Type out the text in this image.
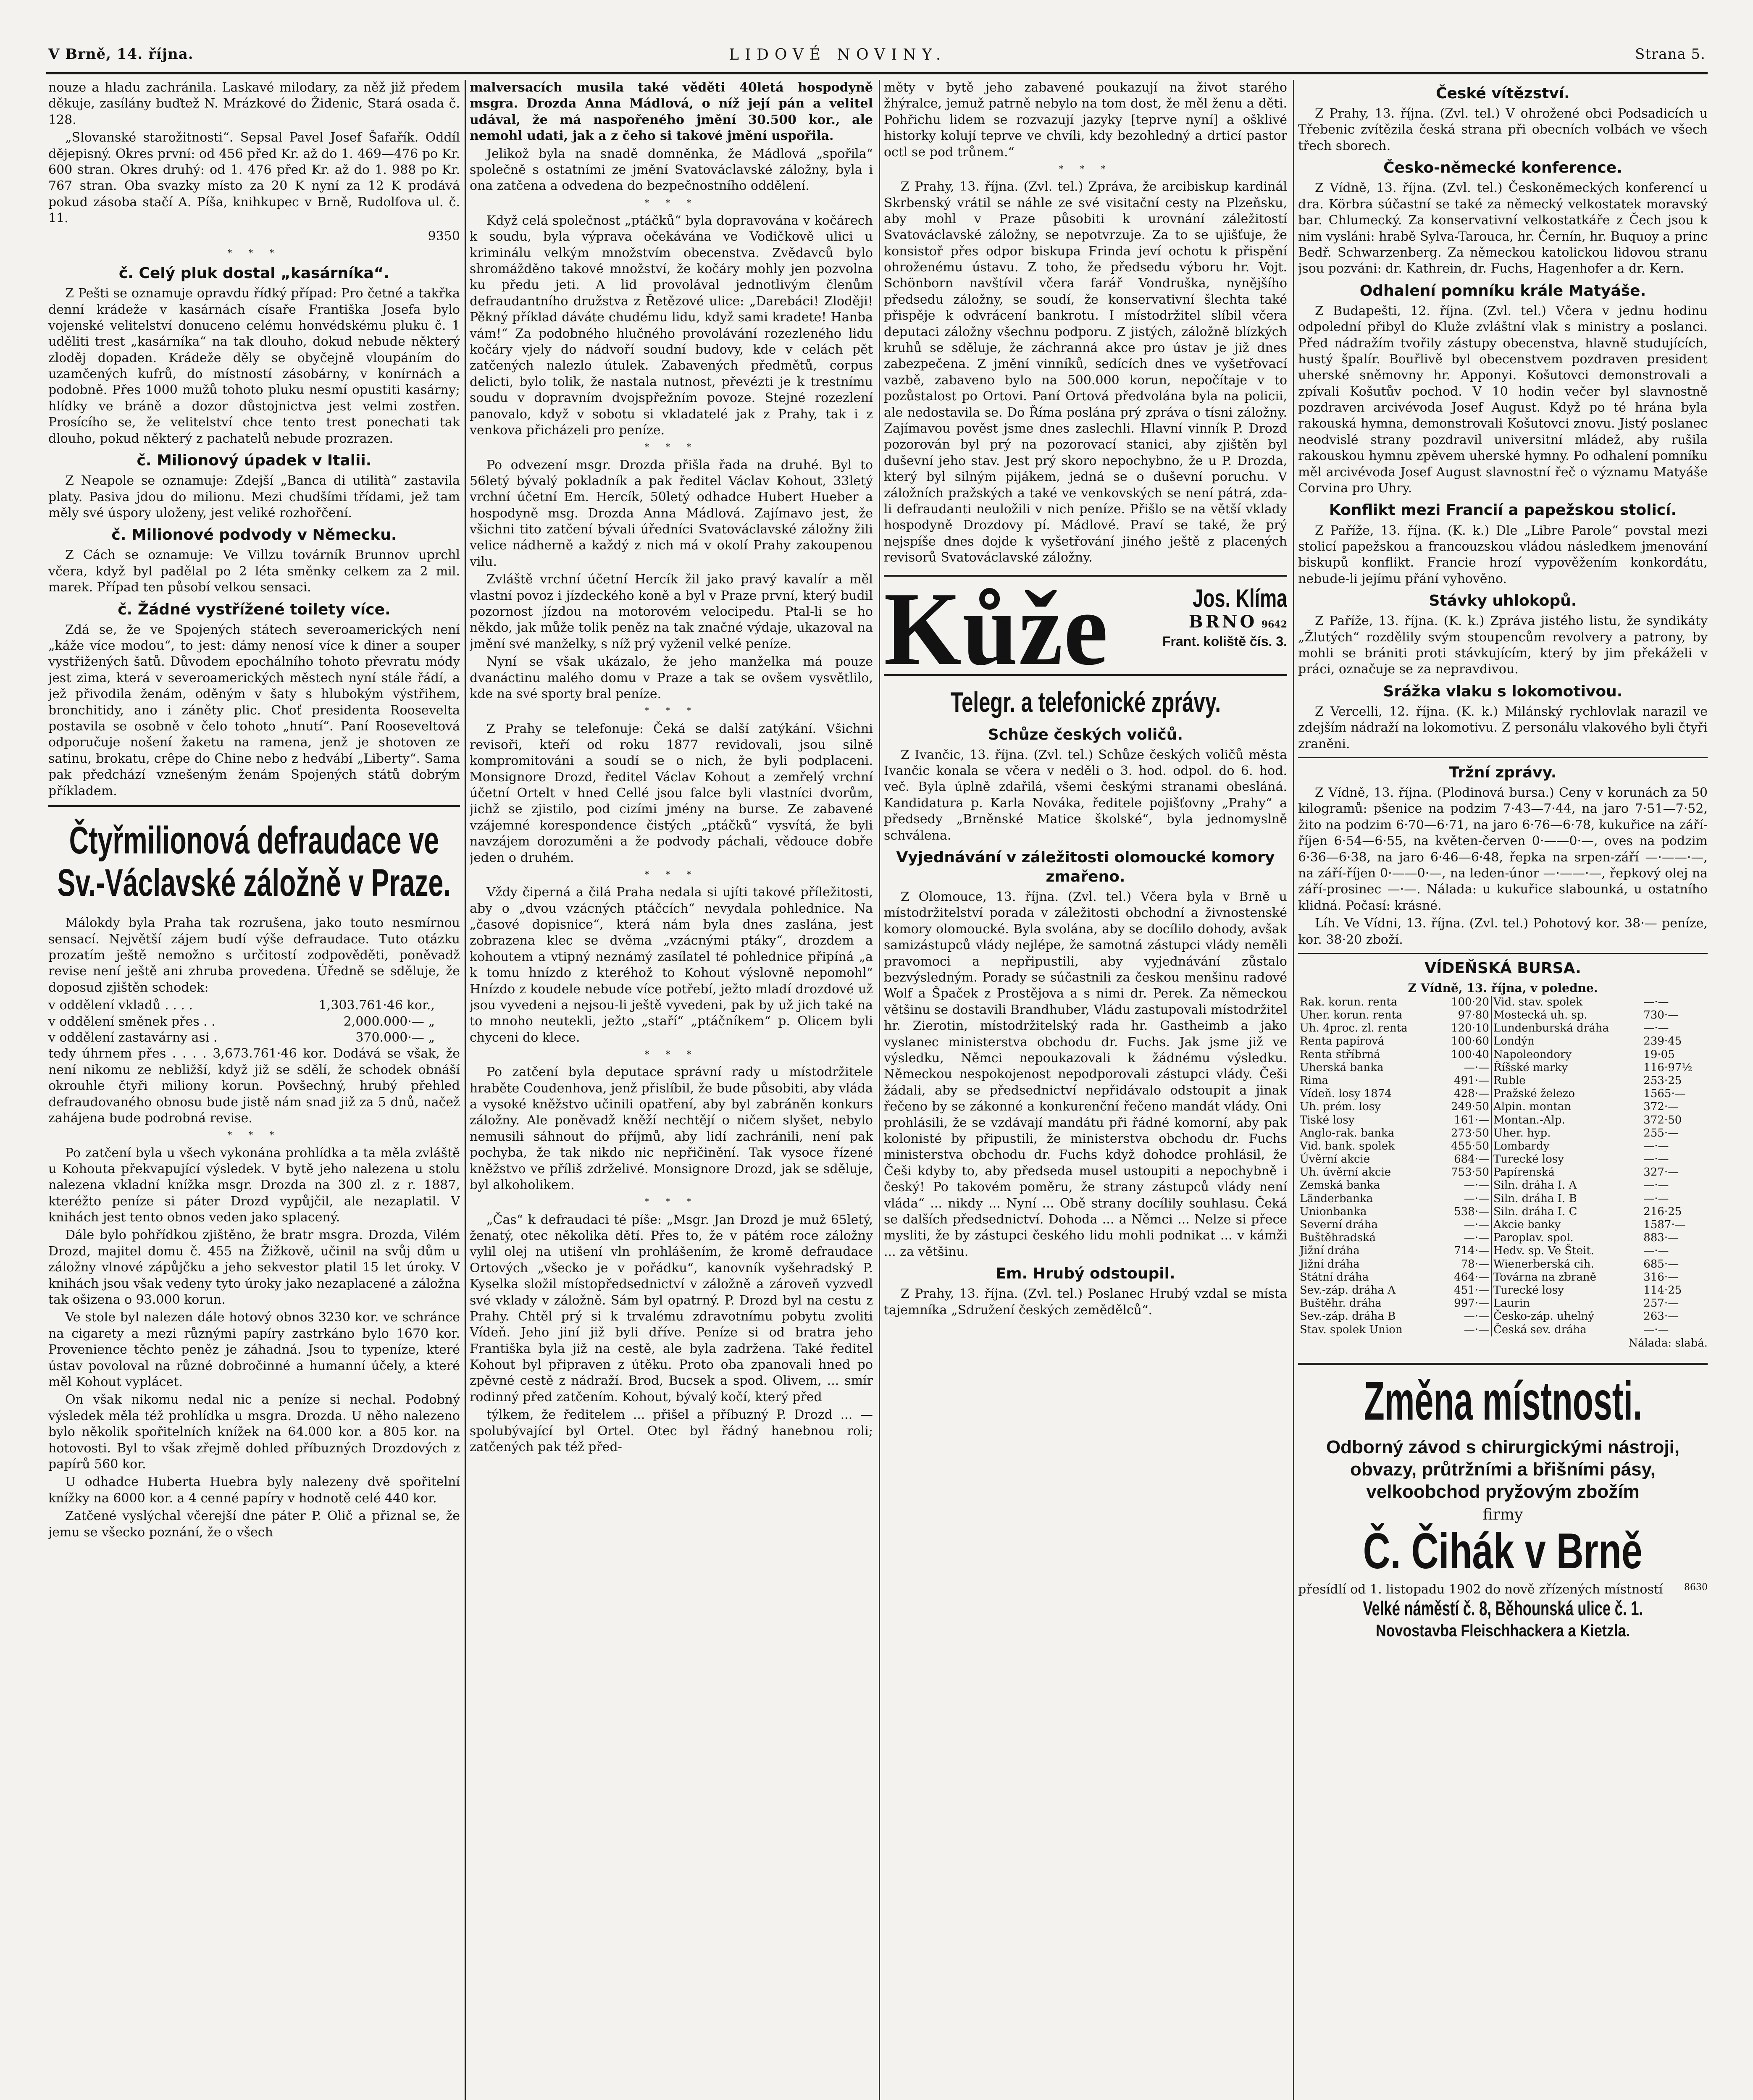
V Brně, 14. října.	LIDOVÉ NOVINY.	Strana 5.

nouze a hladu zachránila. Laskavé milodary, za něž již předem děkuje, zasílány buďtež N. Mrázkové do Židenic, Stará osada č. 128.

„Slovanské starožitnosti“. Sepsal Pavel Josef Šafařík. Oddíl dějepisný. Okres první: od 456 před Kr. až do 1. 469—476 po Kr. 600 stran. Okres druhý: od 1. 476 před Kr. až do 1. 988 po Kr. 767 stran. Oba svazky místo za 20 K nyní za 12 K prodává pokud zásoba stačí A. Píša, knihkupec v Brně, Rudolfova ul. č. 11.

9350

* * *
č. Celý pluk dostal „kasárníka“.

Z Pešti se oznamuje opravdu řídký případ: Pro četné a takřka denní krádeže v kasárnách císaře Františka Josefa bylo vojenské velitelství donuceno celému honvédskému pluku č. 1 uděliti trest „kasárníka“ na tak dlouho, dokud nebude některý zloděj dopaden. Krádeže děly se obyčejně vloupáním do uzamčených kufrů, do místností zásobárny, v konírnách a podobně. Přes 1000 mužů tohoto pluku nesmí opustiti kasárny; hlídky ve bráně a dozor důstojnictva jest velmi zostřen. Prosícího se, že velitelství chce tento trest ponechati tak dlouho, pokud některý z pachatelů nebude prozrazen.

č. Milionový úpadek v Italii.

Z Neapole se oznamuje: Zdejší „Banca di utilità“ zastavila platy. Pasiva jdou do milionu. Mezi chudšími třídami, jež tam měly své úspory uloženy, jest veliké rozhořčení.

č. Milionové podvody v Německu.

Z Cách se oznamuje: Ve Villzu továrník Brunnov uprchl včera, když byl padělal po 2 léta směnky celkem za 2 mil. marek. Případ ten působí velkou sensaci.

č. Žádné vystřížené toilety více.

Zdá se, že ve Spojených státech severoamerických není „káže více modou“, to jest: dámy nenosí více k diner a souper vystřižených šatů. Důvodem epochálního tohoto převratu módy jest zima, která v severoamerických městech nyní stále řádí, a jež přivodila ženám, oděným v šaty s hlubokým výstřihem, bronchitidy, ano i záněty plic. Choť presidenta Roosevelta postavila se osobně v čelo tohoto „hnutí“. Paní Rooseveltová odporučuje nošení žaketu na ramena, jenž je shotoven ze satinu, brokatu, crêpe do Chine nebo z hedvábí „Liberty“. Sama pak předchází vznešeným ženám Spojených států dobrým příkladem.

Čtyřmilionová defraudace ve Sv.-Václavské záložně v Praze.

Málokdy byla Praha tak rozrušena, jako touto nesmírnou sensací. Největší zájem budí výše defraudace. Tuto otázku prozatím ještě nemožno s určitostí zodpověděti, poněvadž revise není ještě ani zhruba provedena. Úředně se sděluje, že doposud zjištěn schodek:

v oddělení vkladů . . . .	1,303.761·46 kor.,
v oddělení směnek přes . .	2,000.000·— „
v oddělení zastavárny asi .	370.000·— „

tedy úhrnem přes . . . . 3,673.761·46 kor. Dodává se však, že není nikomu ze nebližší, když již se sdělí, že schodek obnáší okrouhle čtyři miliony korun. Povšechný, hrubý přehled defraudovaného obnosu bude jistě nám snad již za 5 dnů, načež zahájena bude podrobná revise.

* * *

Po zatčení byla u všech vykonána prohlídka a ta měla zvláště u Kohouta překvapující výsledek. V bytě jeho nalezena u stolu nalezena vkladní knížka msgr. Drozda na 300 zl. z r. 1887, kteréžto peníze si páter Drozd vypůjčil, ale nezaplatil. V knihách jest tento obnos veden jako splacený.

Dále bylo pohřídkou zjištěno, že bratr msgra. Drozda, Vilém Drozd, majitel domu č. 455 na Žižkově, učinil na svůj dům u záložny vlnové zápůjčku a jeho sekvestor platil 15 let úroky. V knihách jsou však vedeny tyto úroky jako nezaplacené a záložna tak ošizena o 93.000 korun.

Ve stole byl nalezen dále hotový obnos 3230 kor. ve schránce na cigarety a mezi různými papíry zastrkáno bylo 1670 kor. Provenience těchto peněz je záhadná. Jsou to typeníze, které ústav povoloval na různé dobročinné a humanní účely, a které měl Kohout vyplácet.

On však nikomu nedal nic a peníze si nechal. Podobný výsledek měla též prohlídka u msgra. Drozda. U něho nalezeno bylo několik spořitelních knížek na 64.000 kor. a 805 kor. na hotovosti. Byl to však zřejmě dohled příbuzných Drozdových z papírů 560 kor.

U odhadce Huberta Huebra byly nalezeny dvě spořitelní knížky na 6000 kor. a 4 cenné papíry v hodnotě celé 440 kor.

Zatčené vyslýchal včerejší dne páter P. Olič a přiznal se, že jemu se všecko poznání, že o všech

malversacích musila také věděti 40letá hospodyně msgra. Drozda Anna Mádlová, o níž její pán a velitel udával, že má naspořeného jmění 30.500 kor., ale nemohl udati, jak a z čeho si takové jmění uspořila.

Jelikož byla na snadě domněnka, že Mádlová „spořila“ společně s ostatními ze jmění Svatováclavské záložny, byla i ona zatčena a odvedena do bezpečnostního oddělení.

* * *

Když celá společnost „ptáčků“ byla dopravována v kočárech k soudu, byla výprava očekávána ve Vodičkově ulici u kriminálu velkým množstvím obecenstva. Zvědavců bylo shromážděno takové množství, že kočáry mohly jen pozvolna ku předu jeti. A lid provolával jednotlivým členům defraudantního družstva z Řetězové ulice: „Darebáci! Zloději! Pěkný příklad dáváte chudému lidu, když sami kradete! Hanba vám!“ Za podobného hlučného provolávání rozezleného lidu kočáry vjely do nádvoří soudní budovy, kde v celách pět zatčených nalezlo útulek. Zabavených předmětů, corpus delicti, bylo tolik, že nastala nutnost, převézti je k trestnímu soudu v dopravním dvojspřežním povoze. Stejné rozezlení panovalo, když v sobotu si vkladatelé jak z Prahy, tak i z venkova přicházeli pro peníze.

* * *

Po odvezení msgr. Drozda přišla řada na druhé. Byl to 56letý bývalý pokladník a pak ředitel Václav Kohout, 33letý vrchní účetní Em. Hercík, 50letý odhadce Hubert Hueber a hospodyně msg. Drozda Anna Mádlová. Zajímavo jest, že všichni tito zatčení bývali úředníci Svatováclavské záložny žili velice nádherně a každý z nich má v okolí Prahy zakoupenou vilu.

Zvláště vrchní účetní Hercík žil jako pravý kavalír a měl vlastní povoz i jízdeckého koně a byl v Praze první, který budil pozornost jízdou na motorovém velocipedu. Ptal-li se ho někdo, jak může tolik peněz na tak značné výdaje, ukazoval na jmění své manželky, s níž prý vyženil velké peníze.

Nyní se však ukázalo, že jeho manželka má pouze dvanáctinu malého domu v Praze a tak se ovšem vysvětlilo, kde na své sporty bral peníze.

* * *

Z Prahy se telefonuje: Čeká se další zatýkání. Všichni revisoři, kteří od roku 1877 revidovali, jsou silně kompromitováni a soudí se o nich, že byli podplaceni. Monsignore Drozd, ředitel Václav Kohout a zemřelý vrchní účetní Ortelt v hned Cellé jsou falce byli vlastníci dvorům, jichž se zjistilo, pod cizími jmény na burse. Ze zabavené vzájemné korespondence čistých „ptáčků“ vysvítá, že byli navzájem dorozuměni a že podvody páchali, vědouce dobře jeden o druhém.

* * *

Vždy čiperná a čilá Praha nedala si ujíti takové příležitosti, aby o „dvou vzácných ptáčcích“ nevydala pohlednice. Na „časové dopisnice“, která nám byla dnes zaslána, jest zobrazena klec se dvěma „vzácnými ptáky“, drozdem a kohoutem a vtipný neznámý zasílatel té pohlednice připíná „a k tomu hnízdo z kteréhož to Kohout výslovně nepomohl“ Hnízdo z koudele nebude více potřebí, ježto mladí drozdové už jsou vyvedeni a nejsou-li ještě vyvedeni, pak by už jich také na to mnoho neutekli, ježto „staří“ „ptáčníkem“ p. Olicem byli chyceni do klece.

* * *

Po zatčení byla deputace správní rady u místodržitele hraběte Coudenhova, jenž přislíbil, že bude působiti, aby vláda a vysoké kněžstvo učinili opatření, aby byl zabráněn konkurs záložny. Ale poněvadž kněží nechtějí o ničem slyšet, nebylo nemusili sáhnout do příjmů, aby lidí zachránili, není pak pochyba, že tak nikdo nic nepřičinění. Tak vysoce řízené kněžstvo ve příliš zdrželivé. Monsignore Drozd, jak se sděluje, byl alkoholikem.

* * *

„Čas“ k defraudaci té píše: „Msgr. Jan Drozd je muž 65letý, ženatý, otec několika dětí. Přes to, že v pátém roce záložny vylil olej na utišení vln prohlášením, že kromě defraudace Ortových „všecko je v pořádku“, kanovník vyšehradský P. Kyselka složil místopředsednictví v záložně a zároveň vyzvedl své vklady v záložně. Sám byl opatrný. P. Drozd byl na cestu z Prahy. Chtěl prý si k trvalému zdravotnímu pobytu zvoliti Vídeň. Jeho jiní již byli dříve. Peníze si od bratra jeho Františka byla již na cestě, ale byla zadržena. Také ředitel Kohout byl připraven z útěku. Proto oba zpanovali hned po zpěvné cestě z nádraží. Brod, Bucsek a spod. Olivem, ... smír rodinný před zatčením. Kohout, bývalý kočí, který před

týlkem, že ředitelem ... přišel a příbuzný P. Drozd ... — spolubývající byl Ortel. Otec byl řádný hanebnou roli; zatčených pak též před-

měty v bytě jeho zabavené poukazují na život starého žhýralce, jemuž patrně nebylo na tom dost, že měl ženu a děti. Pohřichu lidem se rozvazují jazyky [teprve nyní] a ošklivé historky kolují teprve ve chvíli, kdy bezohledný a drticí pastor octl se pod trůnem.“

* * *

Z Prahy, 13. října. (Zvl. tel.) Zpráva, že arcibiskup kardinál Skrbenský vrátil se náhle ze své visitační cesty na Plzeňsku, aby mohl v Praze působiti k urovnání záležitostí Svatováclavské záložny, se nepotvrzuje. Za to se ujišťuje, že konsistoř přes odpor biskupa Frinda jeví ochotu k přispění ohroženému ústavu. Z toho, že předsedu výboru hr. Vojt. Schönborn navštívil včera farář Vondruška, nynějšího předsedu záložny, se soudí, že konservativní šlechta také přispěje k odvrácení bankrotu. I místodržitel slíbil včera deputaci záložny všechnu podporu. Z jistých, záložně blízkých kruhů se sděluje, že záchranná akce pro ústav je již dnes zabezpečena. Z jmění vinníků, sedících dnes ve vyšetřovací vazbě, zabaveno bylo na 500.000 korun, nepočítaje v to pozůstalost po Ortovi. Paní Ortová předvolána byla na policii, ale nedostavila se. Do Říma poslána prý zpráva o tísni záložny. Zajímavou pověst jsme dnes zaslechli. Hlavní vinník P. Drozd pozorován byl prý na pozorovací stanici, aby zjištěn byl duševní jeho stav. Jest prý skoro nepochybno, že u P. Drozda, který byl silným pijákem, jedná se o duševní poruchu. V záložních pražských a také ve venkovských se není pátrá, zda-li defraudanti neuložili v nich peníze. Přišlo se na větší vklady hospodyně Drozdovy pí. Mádlové. Praví se také, že prý nejspíše dnes dojde k vyšetřování jiného ještě z placených revisorů Svatováclavské záložny.

Kůže	Jos. Klíma
BRNO 9642
Frant. koliště čís. 3.
Telegr. a telefonické zprávy.
Schůze českých voličů.

Z Ivančic, 13. října. (Zvl. tel.) Schůze českých voličů města Ivančic konala se včera v neděli o 3. hod. odpol. do 6. hod. več. Byla úplně zdařilá, všemi českými stranami obesláná. Kandidatura p. Karla Nováka, ředitele pojišťovny „Prahy“ a předsedy „Brněnské Matice školské“, byla jednomyslně schválena.

Vyjednávání v záležitosti olomoucké komory zmařeno.

Z Olomouce, 13. října. (Zvl. tel.) Včera byla v Brně u místodržitelství porada v záležitosti obchodní a živnostenské komory olomoucké. Byla svolána, aby se docílilo dohody, avšak samizástupců vlády nejlépe, že samotná zástupci vlády neměli pravomoci a nepřipustili, aby vyjednávání zůstalo bezvýsledným. Porady se súčastnili za českou menšinu radové Wolf a Špaček z Prostějova a s nimi dr. Perek. Za německou většinu se dostavili Brandhuber, Vládu zastupovali místodržitel hr. Zierotin, místodržitelský rada hr. Gastheimb a jako vyslanec ministerstva obchodu dr. Fuchs. Jak jsme již ve výsledku, Němci nepoukazovali k žádnému výsledku. Německou nespokojenost nepodporovali zástupci vlády. Češi žádali, aby se předsednictví nepřidávalo odstoupit a jinak řečeno by se zákonné a konkurenční řečeno mandát vlády. Oni prohlásili, že se vzdávají mandátu při řádné komorní, aby pak kolonisté by připustili, že ministerstva obchodu dr. Fuchs ministerstva obchodu dr. Fuchs když dohodce prohlásil, že Češi kdyby to, aby předseda musel ustoupiti a nepochybně i český! Po takovém poměru, že strany zástupců vlády není vláda“ ... nikdy ... Nyní ... Obě strany docílily souhlasu. Čeká se dalších předsednictví. Dohoda ... a Němci ... Nelze si přece mysliti, že by zástupci českého lidu mohli podnikat ... v kámži ... za většinu.

Em. Hrubý odstoupil.

Z Prahy, 13. října. (Zvl. tel.) Poslanec Hrubý vzdal se místa tajemníka „Sdružení českých zemědělců“.

České vítězství.

Z Prahy, 13. října. (Zvl. tel.) V ohrožené obci Podsadicích u Třebenic zvítězila česká strana při obecních volbách ve všech třech sborech.

Česko-německé konference.

Z Vídně, 13. října. (Zvl. tel.) Českoněmeckých konferencí u dra. Körbra súčastní se také za německý velkostatek moravský bar. Chlumecký. Za konservativní velkostatkáře z Čech jsou k nim vysláni: hrabě Sylva-Tarouca, hr. Černín, hr. Buquoy a princ Bedř. Schwarzenberg. Za německou katolickou lidovou stranu jsou pozváni: dr. Kathrein, dr. Fuchs, Hagenhofer a dr. Kern.

Odhalení pomníku krále Matyáše.

Z Budapešti, 12. října. (Zvl. tel.) Včera v jednu hodinu odpolední přibyl do Kluže zvláštní vlak s ministry a poslanci. Před nádražím tvořily zástupy obecenstva, hlavně studujících, hustý špalír. Bouřlivě byl obecenstvem pozdraven president uherské sněmovny hr. Apponyi. Košutovci demonstrovali a zpívali Košutův pochod. V 10 hodin večer byl slavnostně pozdraven arcivévoda Josef August. Když po té hrána byla rakouská hymna, demonstrovali Košutovci znovu. Jistý poslanec neodvislé strany pozdravil universitní mládež, aby rušila rakouskou hymnu zpěvem uherské hymny. Po odhalení pomníku měl arcivévoda Josef August slavnostní řeč o významu Matyáše Corvina pro Uhry.

Konflikt mezi Francií a papežskou stolicí.

Z Paříže, 13. října. (K. k.) Dle „Libre Parole“ povstal mezi stolicí papežskou a francouzskou vládou následkem jmenování biskupů konflikt. Francie hrozí vypověžením konkordátu, nebude-li jejímu přání vyhověno.

Stávky uhlokopů.

Z Paříže, 13. října. (K. k.) Zpráva jistého listu, že syndikáty „Žlutých“ rozdělily svým stoupencům revolvery a patrony, by mohli se brániti proti stávkujícím, který by jim překáželi v práci, označuje se za nepravdivou.

Srážka vlaku s lokomotivou.

Z Vercelli, 12. října. (K. k.) Milánský rychlovlak narazil ve zdejším nádraží na lokomotivu. Z personálu vlakového byli čtyři zraněni.

Tržní zprávy.

Z Vídně, 13. října. (Plodinová bursa.) Ceny v korunách za 50 kilogramů: pšenice na podzim 7·43—7·44, na jaro 7·51—7·52, žito na podzim 6·70—6·71, na jaro 6·76—6·78, kukuřice na září-říjen 6·54—6·55, na květen-červen 0·——0·—, oves na podzim 6·36—6·38, na jaro 6·46—6·48, řepka na srpen-září —·——·—, na září-říjen 0·——0·—, na leden-únor —·——·—, řepkový olej na září-prosinec —·—. Nálada: u kukuřice slabounká, u ostatního klidná. Počasí: krásné.

Líh. Ve Vídni, 13. října. (Zvl. tel.) Pohotový kor. 38·— peníze, kor. 38·20 zboží.

VÍDEŇSKÁ BURSA.
Z Vídně, 13. října, v poledne.
Rak. korun. renta	100·20	Vid. stav. spolek	—·—
Uher. korun. renta	97·80	Mostecká uh. sp.	730·—
Uh. 4proc. zl. renta	120·10	Lundenburská dráha	—·—
Renta papírová	100·60	Londýn	239·45
Renta stříbrná	100·40	Napoleondory	19·05
Uherská banka	—·—	Říšské marky	116·97½
Rima	491·—	Ruble	253·25
Vídeň. losy 1874	428·—	Pražské železo	1565·—
Uh. prém. losy	249·50	Alpin. montan	372·—
Tiské losy	161·—	Montan.-Alp.	372·50
Anglo-rak. banka	273·50	Uher. hyp.	255·—
Vid. bank. spolek	455·50	Lombardy	—·—
Úvěrní akcie	684·—	Turecké losy	—·—
Uh. úvěrní akcie	753·50	Papírenská	327·—
Zemská banka	—·—	Siln. dráha I. A	—·—
Länderbanka	—·—	Siln. dráha I. B	—·—
Unionbanka	538·—	Siln. dráha I. C	216·25
Severní dráha	—·—	Akcie banky	1587·—
Buštěhradská	—·—	Paroplav. spol.	883·—
Jižní dráha	714·—	Hedv. sp. Ve Šteit.	—·—
Jižní dráha	78·—	Wienerberská cih.	685·—
Státní dráha	464·—	Továrna na zbraně	316·—
Sev.-záp. dráha A	451·—	Turecké losy	114·25
Buštěhr. dráha	997·—	Laurin	257·—
Sev.-záp. dráha B	—·—	Česko-záp. uhelný	263·—
Stav. spolek Union	—·—	Česká sev. dráha	—·—
Nálada: slabá.
Změna místnosti.
Odborný závod s chirurgickými nástroji, obvazy, průtržními a břišními pásy, velkoobchod pryžovým zbožím
firmy
Č. Čihák v Brně
přesídlí od 1. listopadu 1902 do nově zřízených místností 8630
Velké náměstí č. 8, Běhounská ulice č. 1.
Novostavba Fleischhackera a Kietzla.
